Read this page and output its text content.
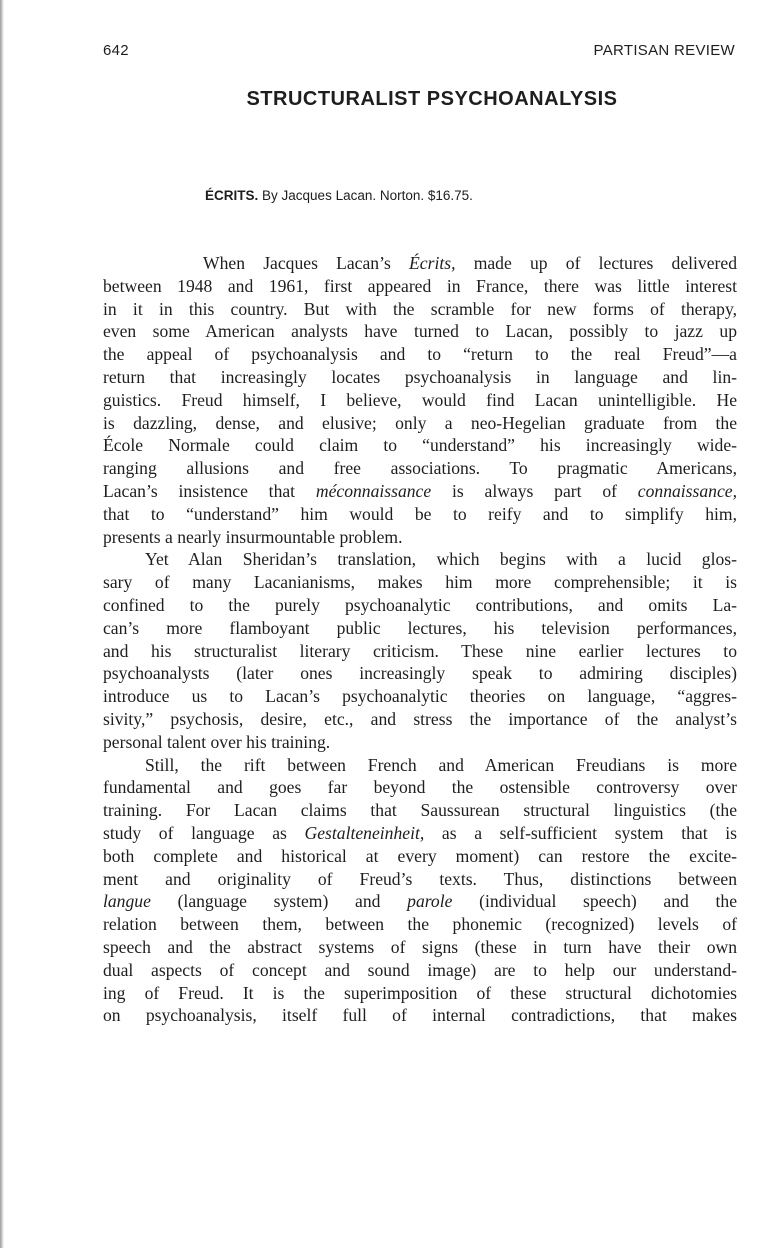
642	PARTISAN REVIEW
STRUCTURALIST PSYCHOANALYSIS
ÉCRITS. By Jacques Lacan. Norton. $16.75.

When Jacques Lacan’s Écrits, made up of lectures delivered
between 1948 and 1961, first appeared in France, there was little interest
in it in this country. But with the scramble for new forms of therapy,
even some American analysts have turned to Lacan, possibly to jazz up
the appeal of psychoanalysis and to “return to the real Freud”—a
return that increasingly locates psychoanalysis in language and lin-
guistics. Freud himself, I believe, would find Lacan unintelligible. He
is dazzling, dense, and elusive; only a neo-Hegelian graduate from the
École Normale could claim to “understand” his increasingly wide-
ranging allusions and free associations. To pragmatic Americans,
Lacan’s insistence that méconnaissance is always part of connaissance,
that to “understand” him would be to reify and to simplify him,
presents a nearly insurmountable problem.

Yet Alan Sheridan’s translation, which begins with a lucid glos-
sary of many Lacanianisms, makes him more comprehensible; it is
confined to the purely psychoanalytic contributions, and omits La-
can’s more flamboyant public lectures, his television performances,
and his structuralist literary criticism. These nine earlier lectures to
psychoanalysts (later ones increasingly speak to admiring disciples)
introduce us to Lacan’s psychoanalytic theories on language, “aggres-
sivity,” psychosis, desire, etc., and stress the importance of the analyst’s
personal talent over his training.

Still, the rift between French and American Freudians is more
fundamental and goes far beyond the ostensible controversy over
training. For Lacan claims that Saussurean structural linguistics (the
study of language as Gestalteneinheit, as a self-sufficient system that is
both complete and historical at every moment) can restore the excite-
ment and originality of Freud’s texts. Thus, distinctions between
langue (language system) and parole (individual speech) and the
relation between them, between the phonemic (recognized) levels of
speech and the abstract systems of signs (these in turn have their own
dual aspects of concept and sound image) are to help our understand-
ing of Freud. It is the superimposition of these structural dichotomies
on psychoanalysis, itself full of internal contradictions, that makes
